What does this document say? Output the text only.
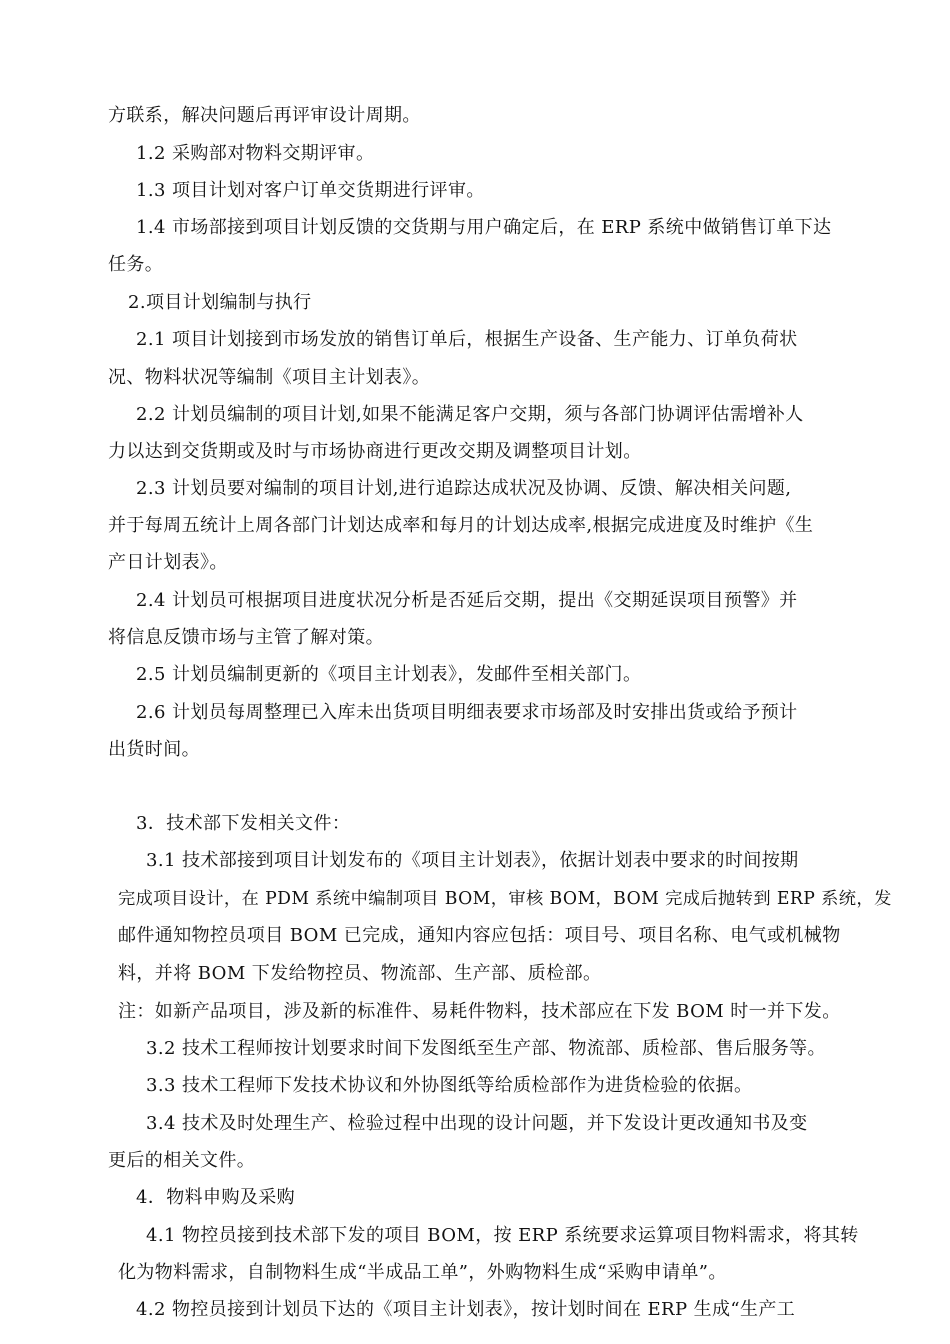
方联系，解决问题后再评审设计周期。
1.2 采购部对物料交期评审。
1.3 项目计划对客户订单交货期进行评审。
1.4 市场部接到项目计划反馈的交货期与用户确定后，在 ERP 系统中做销售订单下达
任务。
2.项目计划编制与执行
2.1 项目计划接到市场发放的销售订单后，根据生产设备、生产能力、订单负荷状
况、物料状况等编制《项目主计划表》。
2.2 计划员编制的项目计划,如果不能满足客户交期，须与各部门协调评估需增补人
力以达到交货期或及时与市场协商进行更改交期及调整项目计划。
2.3 计划员要对编制的项目计划,进行追踪达成状况及协调、反馈、解决相关问题,
并于每周五统计上周各部门计划达成率和每月的计划达成率,根据完成进度及时维护《生
产日计划表》。
2.4 计划员可根据项目进度状况分析是否延后交期，提出《交期延误项目预警》并
将信息反馈市场与主管了解对策。
2.5 计划员编制更新的《项目主计划表》，发邮件至相关部门。
2.6 计划员每周整理已入库未出货项目明细表要求市场部及时安排出货或给予预计
出货时间。
3．技术部下发相关文件：
3.1 技术部接到项目计划发布的《项目主计划表》，依据计划表中要求的时间按期
完成项目设计，在 PDM 系统中编制项目 BOM，审核 BOM，BOM 完成后抛转到 ERP 系统，发
邮件通知物控员项目 BOM 已完成，通知内容应包括：项目号、项目名称、电气或机械物
料，并将 BOM 下发给物控员、物流部、生产部、质检部。
注：如新产品项目，涉及新的标准件、易耗件物料，技术部应在下发 BOM 时一并下发。
3.2 技术工程师按计划要求时间下发图纸至生产部、物流部、质检部、售后服务等。
3.3 技术工程师下发技术协议和外协图纸等给质检部作为进货检验的依据。
3.4 技术及时处理生产、检验过程中出现的设计问题，并下发设计更改通知书及变
更后的相关文件。
4．物料申购及采购
4.1 物控员接到技术部下发的项目 BOM，按 ERP 系统要求运算项目物料需求，将其转
化为物料需求，自制物料生成“半成品工单”，外购物料生成“采购申请单”。
4.2 物控员接到计划员下达的《项目主计划表》，按计划时间在 ERP 生成“生产工
